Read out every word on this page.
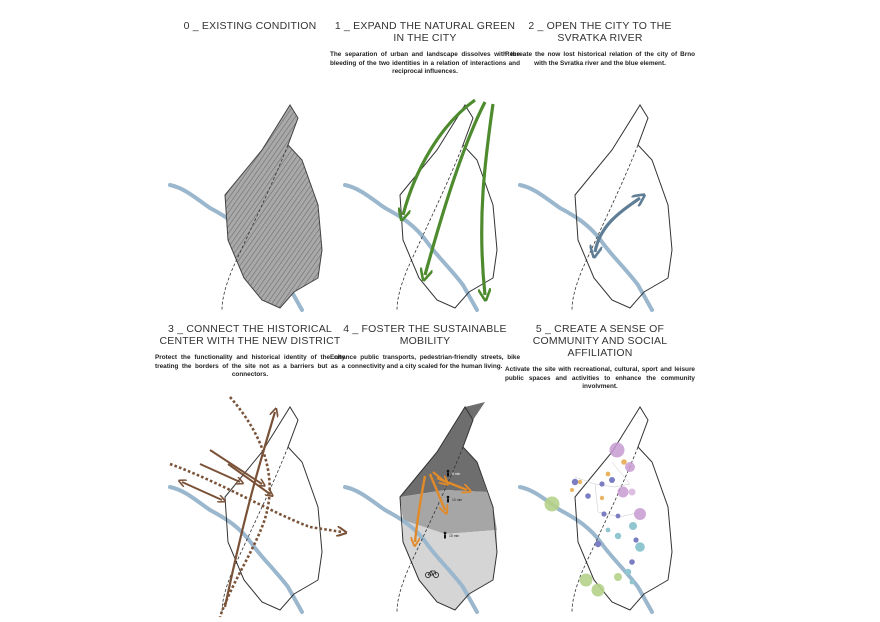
0 _ EXISTING CONDITION	1 _ EXPAND THE NATURAL GREEN IN THE CITY

The separation of urban and landscape dissolves with the bleeding of the two identities in a relation of interactions and reciprocal influences.

2 _ OPEN THE CITY TO THE SVRATKA RIVER

Recreate the now lost historical relation of the city of Brno with the Svratka river and the blue element.

3 _ CONNECT THE HISTORICAL CENTER WITH THE NEW DISTRICT

Protect the functionality and historical identity of the city treating the borders of the site not as a barriers but as a connectors.

4 _ FOSTER THE SUSTAINABLE MOBILITY

Enhance public transports, pedestrian-friendly streets, bike connectivity and a city scaled for the human living.

5 _ CREATE A SENSE OF COMMUNITY AND SOCIAL AFFILIATION

Activate the site with recreational, cultural, sport and leisure public spaces and activities to enhance the community involvment.

5 min
10 min
15 min
